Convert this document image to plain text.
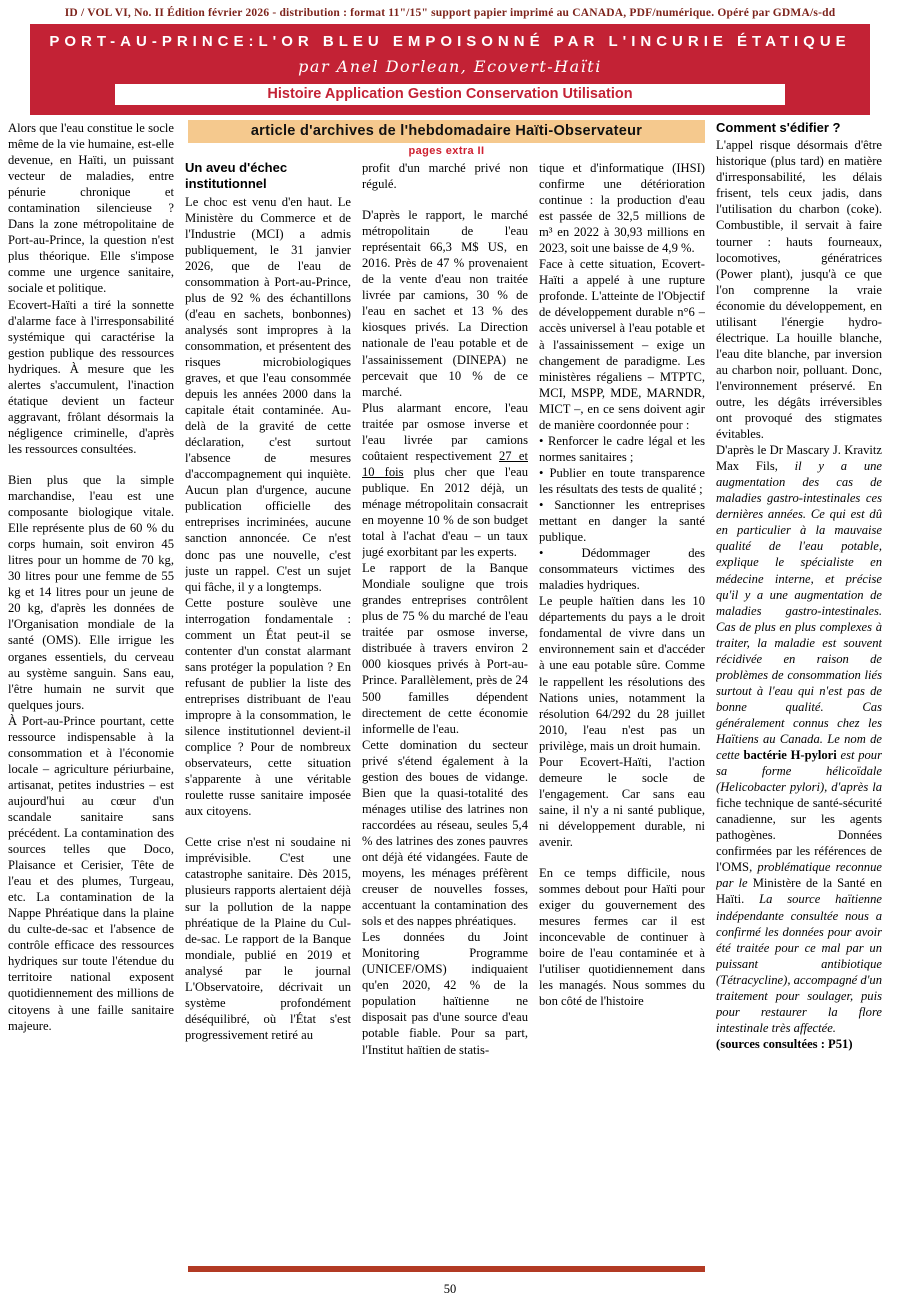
ID / VOL VI, No. II Édition février 2026 - distribution : format 11"/15" support papier imprimé au CANADA, PDF/numérique. Opéré par GDMA/s-dd
PORT-AU-PRINCE:L'OR BLEU EMPOISONNÉ PAR L'INCURIE ÉTATIQUE
par Anel Dorlean, Ecovert-Haïti
Histoire Application Gestion Conservation Utilisation
article d'archives de l'hebdomadaire Haïti-Observateur
pages extra II

Alors que l'eau constitue le socle même de la vie humaine, est-elle devenue, en Haïti, un puissant vecteur de maladies, entre pénurie chronique et contamination silencieuse ? Dans la zone métropolitaine de Port-au-Prince, la question n'est plus théorique. Elle s'impose comme une urgence sanitaire, sociale et politique.

Ecovert-Haïti a tiré la sonnette d'alarme face à l'irresponsabilité systémique qui caractérise la gestion publique des ressources hydriques. À mesure que les alertes s'accumulent, l'inaction étatique devient un facteur aggravant, frôlant désormais la négligence criminelle, d'après les ressources consultées.

Bien plus que la simple marchandise, l'eau est une composante biologique vitale. Elle représente plus de 60 % du corps humain, soit environ 45 litres pour un homme de 70 kg, 30 litres pour une femme de 55 kg et 14 litres pour un jeune de 20 kg, d'après les données de l'Organisation mondiale de la santé (OMS). Elle irrigue les organes essentiels, du cerveau au système sanguin. Sans eau, l'être humain ne survit que quelques jours.

À Port-au-Prince pourtant, cette ressource indispensable à la consommation et à l'économie locale – agriculture périurbaine, artisanat, petites industries – est aujourd'hui au cœur d'un scandale sanitaire sans précédent. La contamination des sources telles que Doco, Plaisance et Cerisier, Tête de l'eau et des plumes, Turgeau, etc. La contamination de la Nappe Phréatique dans la plaine du culte-de-sac et l'absence de contrôle efficace des ressources hydriques sur toute l'étendue du territoire national exposent quotidiennement des millions de citoyens à une faille sanitaire majeure.

Un aveu d'échec institutionnel

Le choc est venu d'en haut. Le Ministère du Commerce et de l'Industrie (MCI) a admis publiquement, le 31 janvier 2026, que de l'eau de consommation à Port-au-Prince, plus de 92 % des échantillons (d'eau en sachets, bonbonnes) analysés sont impropres à la consommation, et présentent des risques microbiologiques graves, et que l'eau consommée depuis les années 2000 dans la capitale était contaminée. Au-delà de la gravité de cette déclaration, c'est surtout l'absence de mesures d'accompagnement qui inquiète. Aucun plan d'urgence, aucune publication officielle des entreprises incriminées, aucune sanction annoncée. Ce n'est donc pas une nouvelle, c'est juste un rappel. C'est un sujet qui fâche, il y a longtemps.

Cette posture soulève une interrogation fondamentale : comment un État peut-il se contenter d'un constat alarmant sans protéger la population ? En refusant de publier la liste des entreprises distribuant de l'eau impropre à la consommation, le silence institutionnel devient-il complice ? Pour de nombreux observateurs, cette situation s'apparente à une véritable roulette russe sanitaire imposée aux citoyens.

Cette crise n'est ni soudaine ni imprévisible. C'est une catastrophe sanitaire. Dès 2015, plusieurs rapports alertaient déjà sur la pollution de la nappe phréatique de la Plaine du Cul-de-sac. Le rapport de la Banque mondiale, publié en 2019 et analysé par le journal L'Observatoire, décrivait un système profondément déséquilibré, où l'État s'est progressivement retiré au

profit d'un marché privé non régulé.

D'après le rapport, le marché métropolitain de l'eau représentait 66,3 M$ US, en 2016. Près de 47 % provenaient de la vente d'eau non traitée livrée par camions, 30 % de l'eau en sachet et 13 % des kiosques privés. La Direction nationale de l'eau potable et de l'assainissement (DINEPA) ne percevait que 10 % de ce marché.

Plus alarmant encore, l'eau traitée par osmose inverse et l'eau livrée par camions coûtaient respectivement 27 et 10 fois plus cher que l'eau publique. En 2012 déjà, un ménage métropolitain consacrait en moyenne 10 % de son budget total à l'achat d'eau – un taux jugé exorbitant par les experts.

Le rapport de la Banque Mondiale souligne que trois grandes entreprises contrôlent plus de 75 % du marché de l'eau traitée par osmose inverse, distribuée à travers environ 2 000 kiosques privés à Port-au-Prince. Parallèlement, près de 24 500 familles dépendent directement de cette économie informelle de l'eau.

Cette domination du secteur privé s'étend également à la gestion des boues de vidange. Bien que la quasi-totalité des ménages utilise des latrines non raccordées au réseau, seules 5,4 % des latrines des zones pauvres ont déjà été vidangées. Faute de moyens, les ménages préfèrent creuser de nouvelles fosses, accentuant la contamination des sols et des nappes phréatiques.

Les données du Joint Monitoring Programme (UNICEF/OMS) indiquaient qu'en 2020, 42 % de la population haïtienne ne disposait pas d'une source d'eau potable fiable. Pour sa part, l'Institut haïtien de statis-

tique et d'informatique (IHSI) confirme une détérioration continue : la production d'eau est passée de 32,5 millions de m³ en 2022 à 30,93 millions en 2023, soit une baisse de 4,9 %.

Face à cette situation, Ecovert-Haïti a appelé à une rupture profonde. L'atteinte de l'Objectif de développement durable n°6 – accès universel à l'eau potable et à l'assainissement – exige un changement de paradigme. Les ministères régaliens – MTPTC, MCI, MSPP, MDE, MARNDR, MICT –, en ce sens doivent agir de manière coordonnée pour :

• Renforcer le cadre légal et les normes sanitaires ;

• Publier en toute transparence les résultats des tests de qualité ;

• Sanctionner les entreprises mettant en danger la santé publique.

• Dédommager des consommateurs victimes des maladies hydriques.

Le peuple haïtien dans les 10 départements du pays a le droit fondamental de vivre dans un environnement sain et d'accéder à une eau potable sûre. Comme le rappellent les résolutions des Nations unies, notamment la résolution 64/292 du 28 juillet 2010, l'eau n'est pas un privilège, mais un droit humain.

Pour Ecovert-Haïti, l'action demeure le socle de l'engagement. Car sans eau saine, il n'y a ni santé publique, ni développement durable, ni avenir.

En ce temps difficile, nous sommes debout pour Haïti pour exiger du gouvernement des mesures fermes car il est inconcevable de continuer à boire de l'eau contaminée et à l'utiliser quotidiennement dans les managés. Nous sommes du bon côté de l'histoire

Comment s'édifier ?

L'appel risque désormais d'être historique (plus tard) en matière d'irresponsabilité, les délais frisent, tels ceux jadis, dans l'utilisation du charbon (coke). Combustible, il servait à faire tourner : hauts fourneaux, locomotives, génératrices (Power plant), jusqu'à ce que l'on comprenne la vraie économie du développement, en utilisant l'énergie hydro-électrique. La houille blanche, l'eau dite blanche, par inversion au charbon noir, polluant. Donc, l'environnement préservé. En outre, les dégâts irréversibles ont provoqué des stigmates évitables.

D'après le Dr Mascary J. Kravitz Max Fils, il y a une augmentation des cas de maladies gastro-intestinales ces dernières années. Ce qui est dû en particulier à la mauvaise qualité de l'eau potable, explique le spécialiste en médecine interne, et précise qu'il y a une augmentation de maladies gastro-intestinales. Cas de plus en plus complexes à traiter, la maladie est souvent récidivée en raison de problèmes de consommation liés surtout à l'eau qui n'est pas de bonne qualité. Cas généralement connus chez les Haïtiens au Canada. Le nom de cette bactérie H-pylori est pour sa forme hélicoïdale (Helicobacter pylori), d'après la fiche technique de santé-sécurité canadienne, sur les agents pathogènes. Données confirmées par les références de l'OMS, problématique reconnue par le Ministère de la Santé en Haïti. La source haïtienne indépendante consultée nous a confirmé les données pour avoir été traitée pour ce mal par un puissant antibiotique (Tétracycline), accompagné d'un traitement pour soulager, puis pour restaurer la flore intestinale très affectée.

(sources consultées : P51)

50
